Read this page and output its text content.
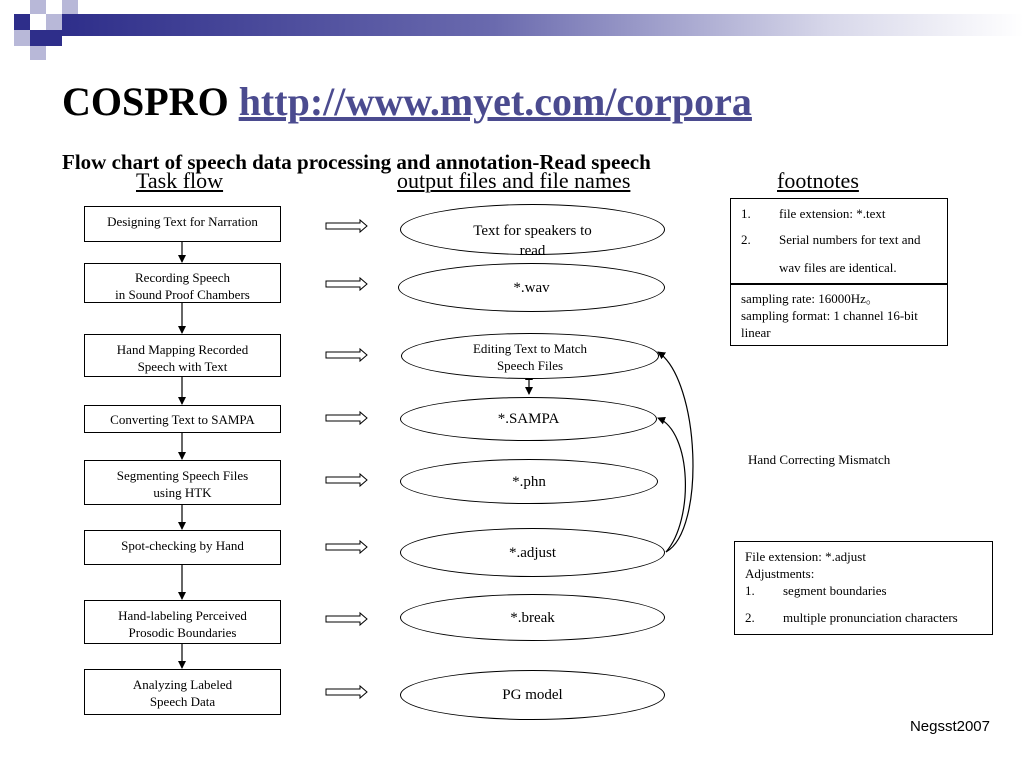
COSPRO http://www.myet.com/corpora
Flow chart of speech data processing and annotation-Read speech
Task flow	output files and file names	footnotes
Designing Text for Narration
Recording Speech
in Sound Proof Chambers
Hand Mapping Recorded
Speech with Text
Converting Text to SAMPA
Segmenting Speech Files
using HTK
Spot-checking by Hand
Hand-labeling Perceived
Prosodic Boundaries
Analyzing Labeled
Speech Data
Text for speakers to
read
*.wav
Editing Text to Match
Speech Files
*.SAMPA
*.phn
*.adjust
*.break
PG model
1.	file extension: *.text
2.	Serial numbers for text and
wav files are identical.
sampling rate: 16000Hz。
sampling format: 1 channel 16-bit
linear
Hand Correcting Mismatch
File extension: *.adjust
Adjustments:
1.	segment boundaries
2.	multiple pronunciation characters
Negsst2007
